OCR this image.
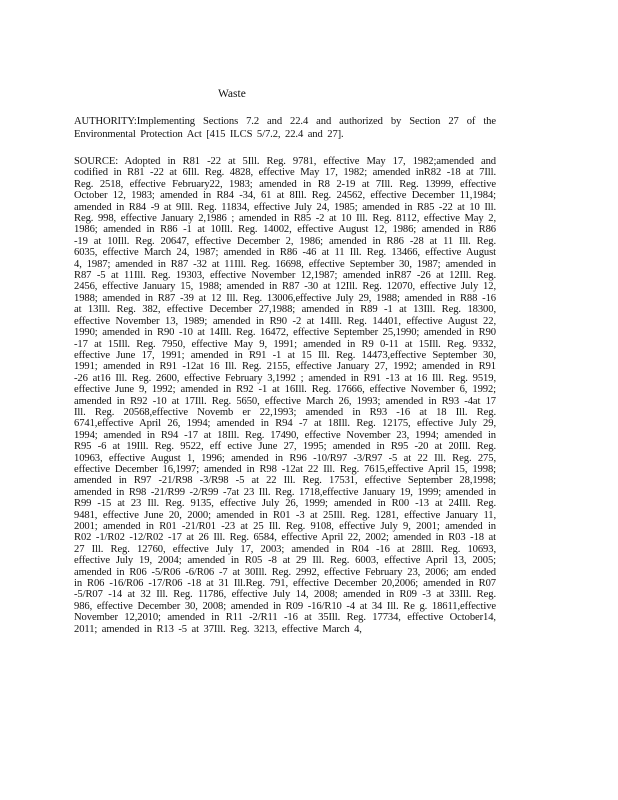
Waste
AUTHORITY:Implementing Sections 7.2 and 22.4 and authorized by Section 27 of the Environmental Protection Act [415 ILCS 5/7.2, 22.4 and 27].
SOURCE: Adopted in R81 -22 at 5Ill. Reg. 9781, effective May 17, 1982;amended and codified in R81 -22 at 6Ill. Reg. 4828, effective May 17, 1982; amended inR82 -18 at 7Ill. Reg. 2518, effective February22, 1983; amended in R8 2-19 at 7Ill. Reg. 13999, effective October 12, 1983; amended in R84 -34, 61 at 8Ill. Reg. 24562, effective December 11,1984; amended in R84 -9 at 9Ill. Reg. 11834, effective July 24, 1985; amended in R85 -22 at 10 Ill. Reg. 998, effective January 2,1986 ; amended in R85 -2 at 10 Ill. Reg. 8112, effective May 2, 1986; amended in R86 -1 at 10Ill. Reg. 14002, effective August 12, 1986; amended in R86 -19 at 10Ill. Reg. 20647, effective December 2, 1986; amended in R86 -28 at 11 Ill. Reg. 6035, effective March 24, 1987; amended in R86 -46 at 11 Ill. Reg. 13466, effective August 4, 1987; amended in R87 -32 at 11Ill. Reg. 16698, effective September 30, 1987; amended in R87 -5 at 11Ill. Reg. 19303, effective November 12,1987; amended inR87 -26 at 12Ill. Reg. 2456, effective January 15, 1988; amended in R87 -30 at 12Ill. Reg. 12070, effective July 12, 1988; amended in R87 -39 at 12 Ill. Reg. 13006,effective July 29, 1988; amended in R88 -16 at 13Ill. Reg. 382, effective December 27,1988; amended in R89 -1 at 13Ill. Reg. 18300, effective November 13, 1989; amended in R90 -2 at 14Ill. Reg. 14401, effective August 22, 1990; amended in R90 -10 at 14Ill. Reg. 16472, effective September 25,1990; amended in R90 -17 at 15Ill. Reg. 7950, effective May 9, 1991; amended in R9 0-11 at 15Ill. Reg. 9332, effective June 17, 1991; amended in R91 -1 at 15 Ill. Reg. 14473,effective September 30, 1991; amended in R91 -12at 16 Ill. Reg. 2155, effective January 27, 1992; amended in R91 -26 at16 Ill. Reg. 2600, effective February 3,1992 ; amended in R91 -13 at 16 Ill. Reg. 9519, effective June 9, 1992; amended in R92 -1 at 16Ill. Reg. 17666, effective November 6, 1992; amended in R92 -10 at 17Ill. Reg. 5650, effective March 26, 1993; amended in R93 -4at 17 Ill. Reg. 20568,effective Novemb er 22,1993; amended in R93 -16 at 18 Ill. Reg. 6741,effective April 26, 1994; amended in R94 -7 at 18Ill. Reg. 12175, effective July 29, 1994; amended in R94 -17 at 18Ill. Reg. 17490, effective November 23, 1994; amended in R95 -6 at 19Ill. Reg. 9522, eff ective June 27, 1995; amended in R95 -20 at 20Ill. Reg. 10963, effective August 1, 1996; amended in R96 -10/R97 -3/R97 -5 at 22 Ill. Reg. 275, effective December 16,1997; amended in R98 -12at 22 Ill. Reg. 7615,effective April 15, 1998; amended in R97 -21/R98 -3/R98 -5 at 22 Ill. Reg. 17531, effective September 28,1998; amended in R98 -21/R99 -2/R99 -7at 23 Ill. Reg. 1718,effective January 19, 1999; amended in R99 -15 at 23 Ill. Reg. 9135, effective July 26, 1999; amended in R00 -13 at 24Ill. Reg. 9481, effective June 20, 2000; amended in R01 -3 at 25Ill. Reg. 1281, effective January 11, 2001; amended in R01 -21/R01 -23 at 25 Ill. Reg. 9108, effective July 9, 2001; amended in R02 -1/R02 -12/R02 -17 at 26 Ill. Reg. 6584, effective April 22, 2002; amended in R03 -18 at 27 Ill. Reg. 12760, effective July 17, 2003; amended in R04 -16 at 28Ill. Reg. 10693, effective July 19, 2004; amended in R05 -8 at 29 Ill. Reg. 6003, effective April 13, 2005; amended in R06 -5/R06 -6/R06 -7 at 30Ill. Reg. 2992, effective February 23, 2006; am ended in R06 -16/R06 -17/R06 -18 at 31 Ill.Reg. 791, effective December 20,2006; amended in R07 -5/R07 -14 at 32 Ill. Reg. 11786, effective July 14, 2008; amended in R09 -3 at 33Ill. Reg. 986, effective December 30, 2008; amended in R09 -16/R10 -4 at 34 Ill. Re g. 18611,effective November 12,2010; amended in R11 -2/R11 -16 at 35Ill. Reg. 17734, effective October14, 2011; amended in R13 -5 at 37Ill. Reg. 3213, effective March 4,
